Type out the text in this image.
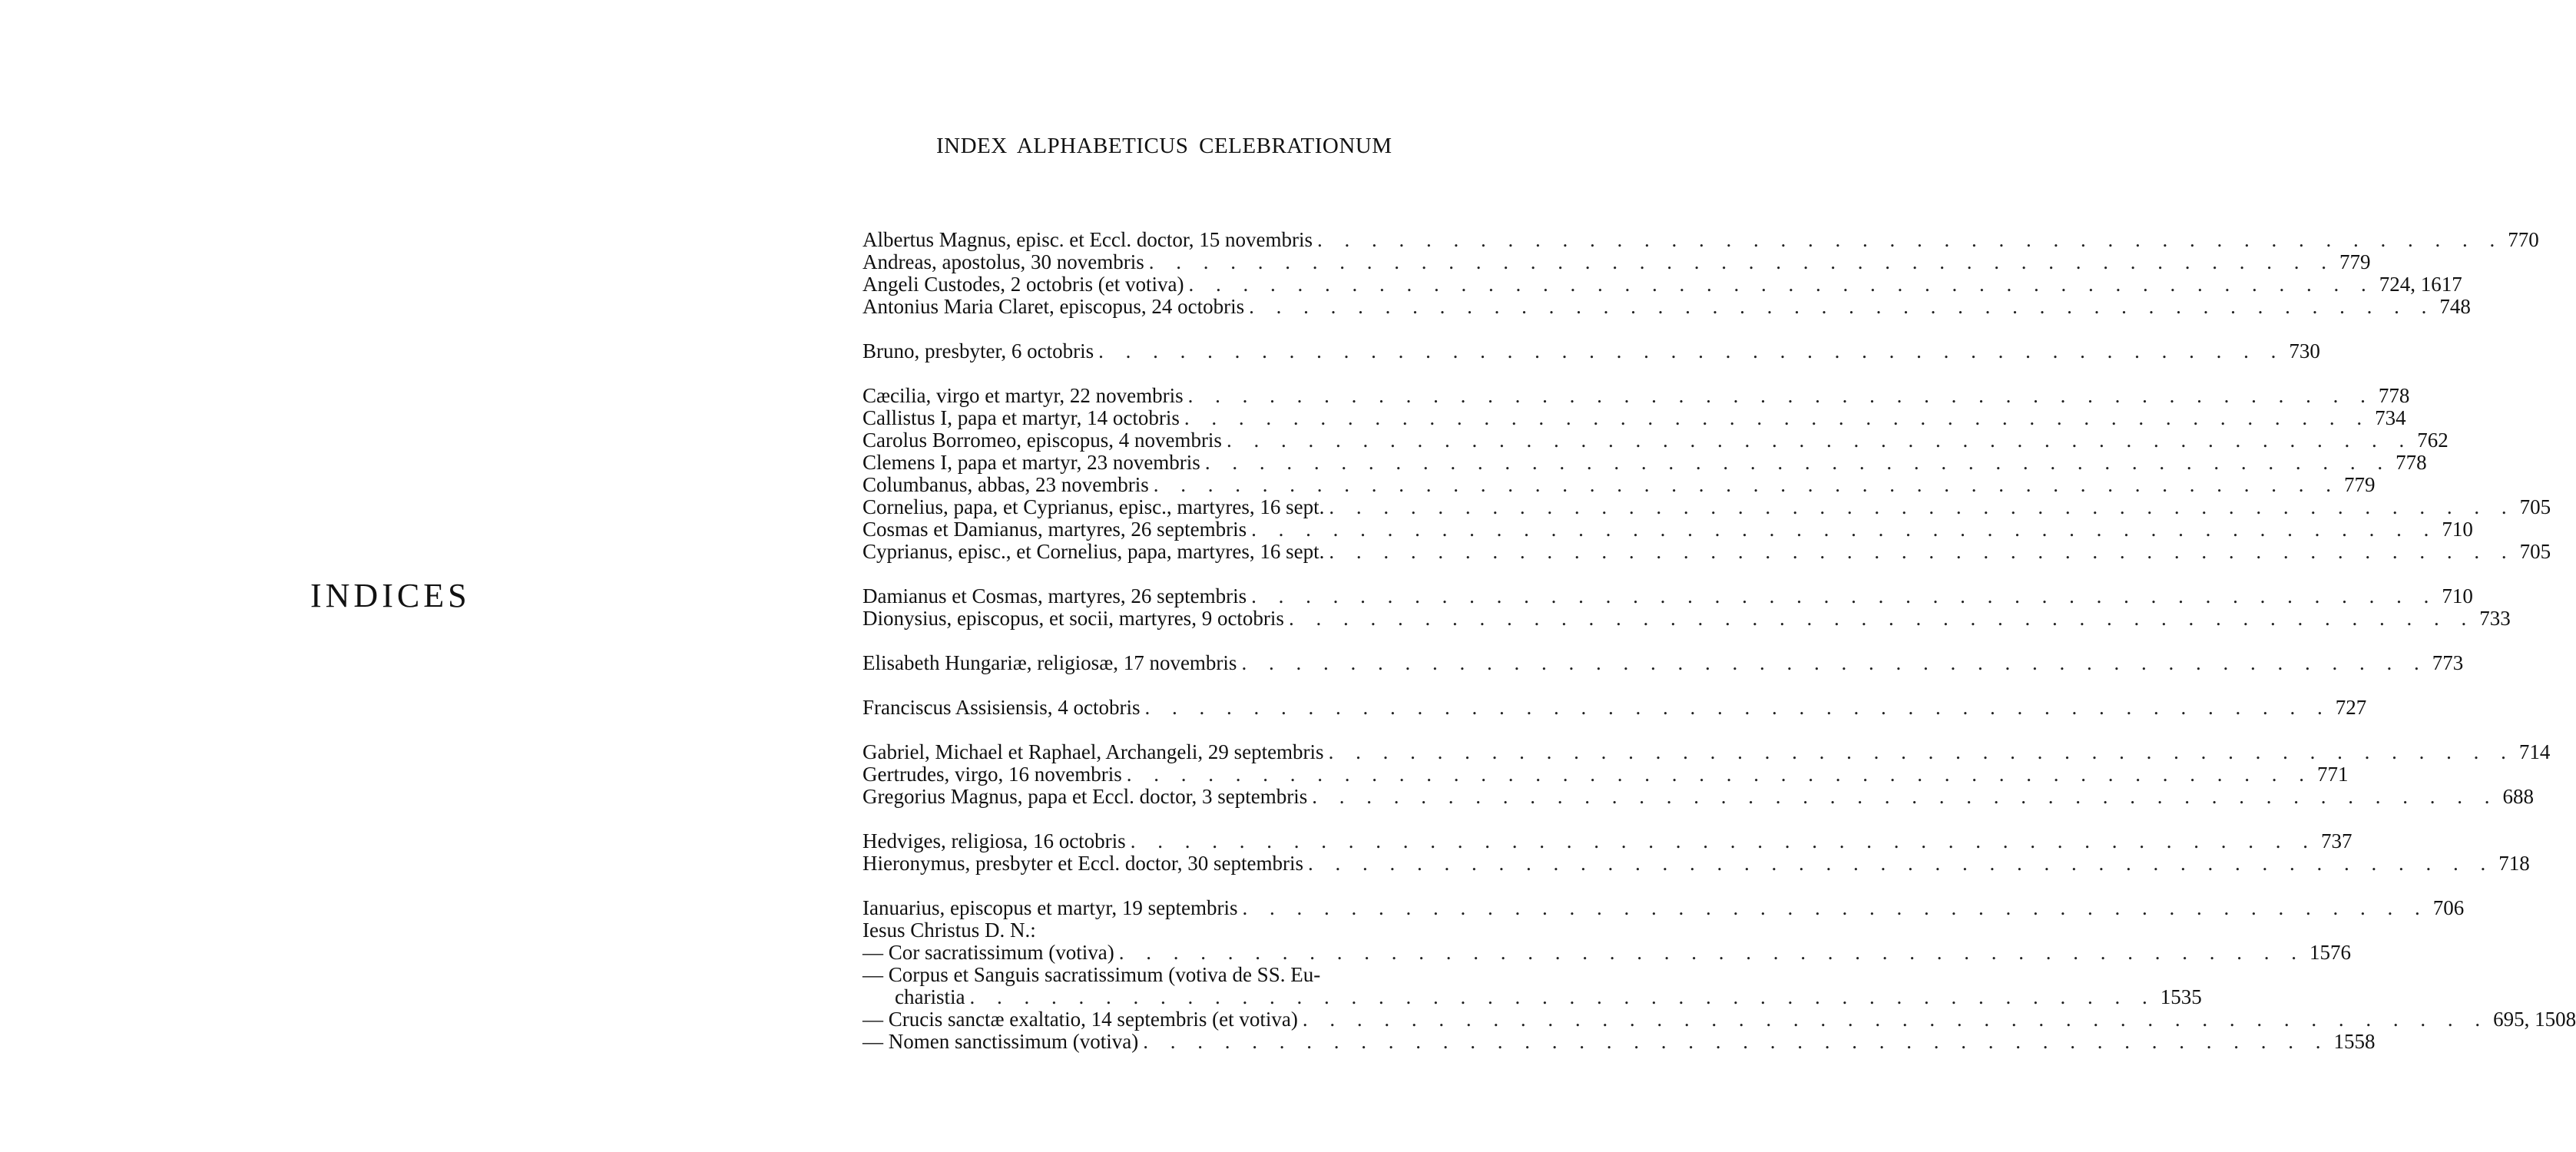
INDICES
INDEX ALPHABETICUS CELEBRATIONUM
Albertus Magnus, episc. et Eccl. doctor, 15 novembris . . . . . . . . . . . . . . . . . . . . . . . . . . . . . . . . . . . . . . . . . . . . 770
Andreas, apostolus, 30 novembris . . . . . . . . . . . . . . . . . . . . . . . . . . . . . . . . . . . . . . . . . . . . 779
Angeli Custodes, 2 octobris (et votiva) . . . . . . . . . . . . . . . . . . . . . . . . . . . . . . . . . . . . . . . . . . . . 724, 1617
Antonius Maria Claret, episcopus, 24 octobris . . . . . . . . . . . . . . . . . . . . . . . . . . . . . . . . . . . . . . . . . . . . 748
Bruno, presbyter, 6 octobris . . . . . . . . . . . . . . . . . . . . . . . . . . . . . . . . . . . . . . . . . . . . 730
Cæcilia, virgo et martyr, 22 novembris . . . . . . . . . . . . . . . . . . . . . . . . . . . . . . . . . . . . . . . . . . . . 778
Callistus I, papa et martyr, 14 octobris . . . . . . . . . . . . . . . . . . . . . . . . . . . . . . . . . . . . . . . . . . . . 734
Carolus Borromeo, episcopus, 4 novembris . . . . . . . . . . . . . . . . . . . . . . . . . . . . . . . . . . . . . . . . . . . . 762
Clemens I, papa et martyr, 23 novembris . . . . . . . . . . . . . . . . . . . . . . . . . . . . . . . . . . . . . . . . . . . . 778
Columbanus, abbas, 23 novembris . . . . . . . . . . . . . . . . . . . . . . . . . . . . . . . . . . . . . . . . . . . . 779
Cornelius, papa, et Cyprianus, episc., martyres, 16 sept. . . . . . . . . . . . . . . . . . . . . . . . . . . . . . . . . . . . . . . . . . . . . 705
Cosmas et Damianus, martyres, 26 septembris . . . . . . . . . . . . . . . . . . . . . . . . . . . . . . . . . . . . . . . . . . . . 710
Cyprianus, episc., et Cornelius, papa, martyres, 16 sept. . . . . . . . . . . . . . . . . . . . . . . . . . . . . . . . . . . . . . . . . . . . . 705
Damianus et Cosmas, martyres, 26 septembris . . . . . . . . . . . . . . . . . . . . . . . . . . . . . . . . . . . . . . . . . . . . 710
Dionysius, episcopus, et socii, martyres, 9 octobris . . . . . . . . . . . . . . . . . . . . . . . . . . . . . . . . . . . . . . . . . . . . 733
Elisabeth Hungariæ, religiosæ, 17 novembris . . . . . . . . . . . . . . . . . . . . . . . . . . . . . . . . . . . . . . . . . . . . 773
Franciscus Assisiensis, 4 octobris . . . . . . . . . . . . . . . . . . . . . . . . . . . . . . . . . . . . . . . . . . . . 727
Gabriel, Michael et Raphael, Archangeli, 29 septembris . . . . . . . . . . . . . . . . . . . . . . . . . . . . . . . . . . . . . . . . . . . . 714
Gertrudes, virgo, 16 novembris . . . . . . . . . . . . . . . . . . . . . . . . . . . . . . . . . . . . . . . . . . . . 771
Gregorius Magnus, papa et Eccl. doctor, 3 septembris . . . . . . . . . . . . . . . . . . . . . . . . . . . . . . . . . . . . . . . . . . . . 688
Hedviges, religiosa, 16 octobris . . . . . . . . . . . . . . . . . . . . . . . . . . . . . . . . . . . . . . . . . . . . 737
Hieronymus, presbyter et Eccl. doctor, 30 septembris . . . . . . . . . . . . . . . . . . . . . . . . . . . . . . . . . . . . . . . . . . . . 718
Ianuarius, episcopus et martyr, 19 septembris . . . . . . . . . . . . . . . . . . . . . . . . . . . . . . . . . . . . . . . . . . . . 706
Iesus Christus D. N.:
— Cor sacratissimum (votiva) . . . . . . . . . . . . . . . . . . . . . . . . . . . . . . . . . . . . . . . . . . . . 1576
— Corpus et Sanguis sacratissimum (votiva de SS. Eu-
charistia . . . . . . . . . . . . . . . . . . . . . . . . . . . . . . . . . . . . . . . . . . . . 1535
— Crucis sanctæ exaltatio, 14 septembris (et votiva) . . . . . . . . . . . . . . . . . . . . . . . . . . . . . . . . . . . . . . . . . . . . 695, 1508
— Nomen sanctissimum (votiva) . . . . . . . . . . . . . . . . . . . . . . . . . . . . . . . . . . . . . . . . . . . . 1558
